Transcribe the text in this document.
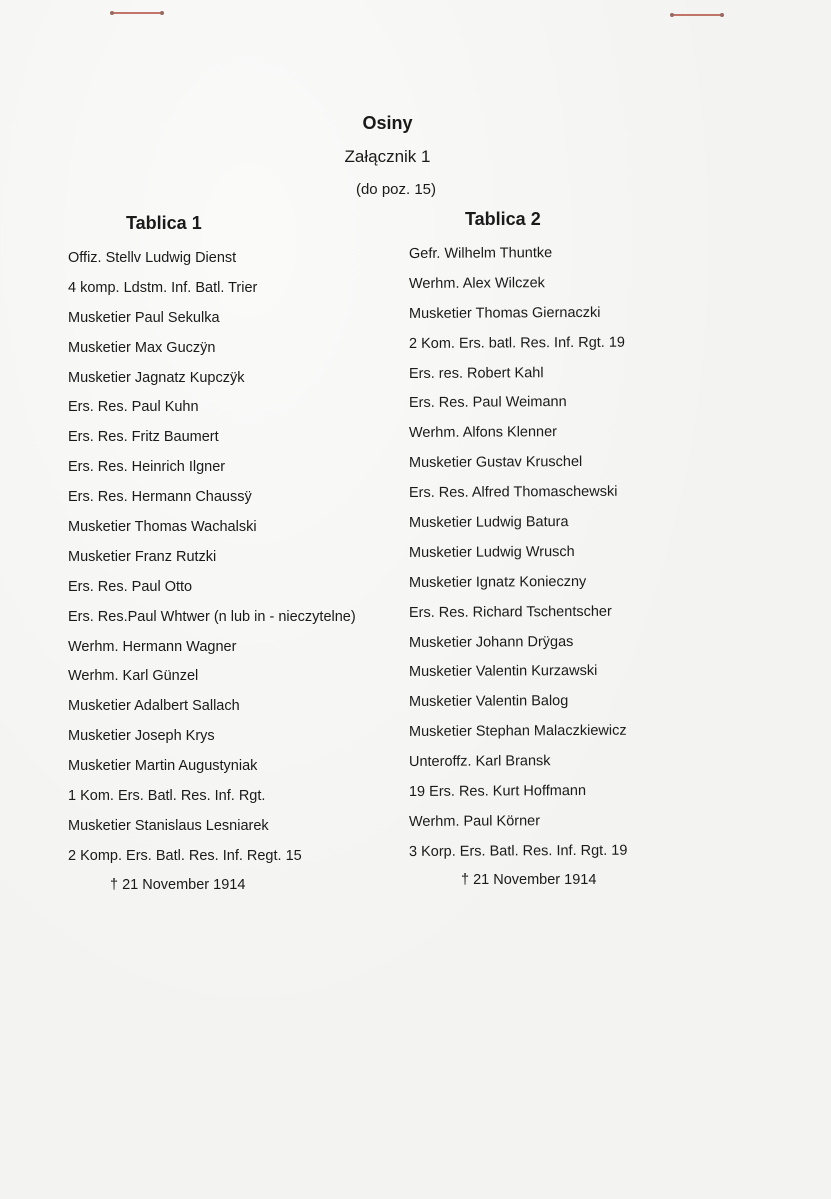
Osiny
Załącznik 1
(do poz. 15)
Tablica 1	Tablica 2
Offiz. Stellv Ludwig Dienst
4 komp. Ldstm. Inf. Batl. Trier
Musketier Paul Sekulka
Musketier Max Guczÿn
Musketier Jagnatz Kupczÿk
Ers. Res. Paul Kuhn
Ers. Res. Fritz Baumert
Ers. Res. Heinrich Ilgner
Ers. Res. Hermann Chaussÿ
Musketier Thomas Wachalski
Musketier Franz Rutzki
Ers. Res. Paul Otto
Ers. Res.Paul Whtwer (n lub in - nieczytelne)
Werhm. Hermann Wagner
Werhm. Karl Günzel
Musketier Adalbert Sallach
Musketier Joseph Krys
Musketier Martin Augustyniak
1 Kom. Ers. Batl. Res. Inf. Rgt.
Musketier Stanislaus Lesniarek
2 Komp. Ers. Batl. Res. Inf. Regt. 15
Gefr. Wilhelm Thuntke
Werhm. Alex Wilczek
Musketier Thomas Giernaczki
2 Kom. Ers. batl. Res. Inf. Rgt. 19
Ers. res. Robert Kahl
Ers. Res. Paul Weimann
Werhm. Alfons Klenner
Musketier Gustav Kruschel
Ers. Res. Alfred Thomaschewski
Musketier Ludwig Batura
Musketier Ludwig Wrusch
Musketier Ignatz Konieczny
Ers. Res. Richard Tschentscher
Musketier Johann Drÿgas
Musketier Valentin Kurzawski
Musketier Valentin Balog
Musketier Stephan Malaczkiewicz
Unteroffz. Karl Bransk
19 Ers. Res. Kurt Hoffmann
Werhm. Paul Körner
3 Korp. Ers. Batl. Res. Inf. Rgt. 19
† 21 November 1914	† 21 November 1914
